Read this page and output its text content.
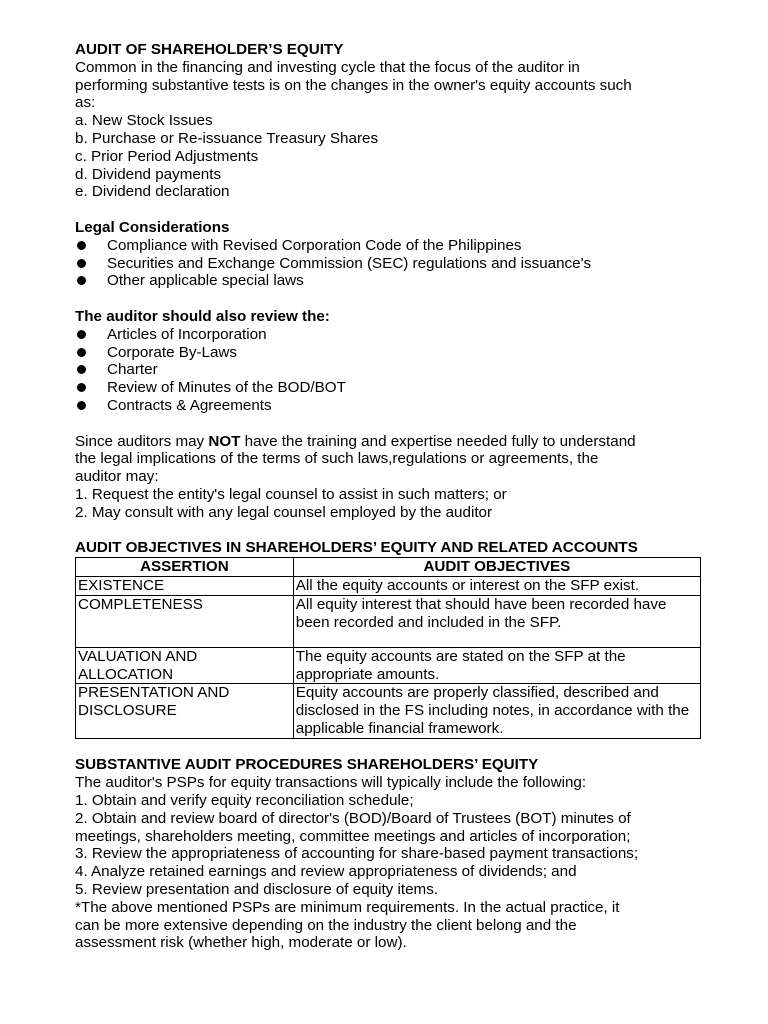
AUDIT OF SHAREHOLDER’S EQUITY

Common in the financing and investing cycle that the focus of the auditor in

performing substantive tests is on the changes in the owner's equity accounts such

as:

a. New Stock Issues

b. Purchase or Re-issuance Treasury Shares

c. Prior Period Adjustments

d. Dividend payments

e. Dividend declaration

Legal Considerations

Compliance with Revised Corporation Code of the Philippines
Securities and Exchange Commission (SEC) regulations and issuance's
Other applicable special laws

The auditor should also review the:

Articles of Incorporation
Corporate By-Laws
Charter
Review of Minutes of the BOD/BOT
Contracts & Agreements

Since auditors may NOT have the training and expertise needed fully to understand

the legal implications of the terms of such laws,regulations or agreements, the

auditor may:

1. Request the entity's legal counsel to assist in such matters; or

2. May consult with any legal counsel employed by the auditor

AUDIT OBJECTIVES IN SHAREHOLDERS’ EQUITY AND RELATED ACCOUNTS

ASSERTION	AUDIT OBJECTIVES
EXISTENCE	All the equity accounts or interest on the SFP exist.
COMPLETENESS	All equity interest that should have been recorded have been recorded and included in the SFP.
VALUATION AND
ALLOCATION	The equity accounts are stated on the SFP at the appropriate amounts.
PRESENTATION AND
DISCLOSURE	Equity accounts are properly classified, described and disclosed in the FS including notes, in accordance with the applicable financial framework.

SUBSTANTIVE AUDIT PROCEDURES SHAREHOLDERS’ EQUITY

The auditor's PSPs for equity transactions will typically include the following:

1. Obtain and verify equity reconciliation schedule;

2. Obtain and review board of director's (BOD)/Board of Trustees (BOT) minutes of

meetings, shareholders meeting, committee meetings and articles of incorporation;

3. Review the appropriateness of accounting for share-based payment transactions;

4. Analyze retained earnings and review appropriateness of dividends; and

5. Review presentation and disclosure of equity items.

*The above mentioned PSPs are minimum requirements. In the actual practice, it

can be more extensive depending on the industry the client belong and the

assessment risk (whether high, moderate or low).
